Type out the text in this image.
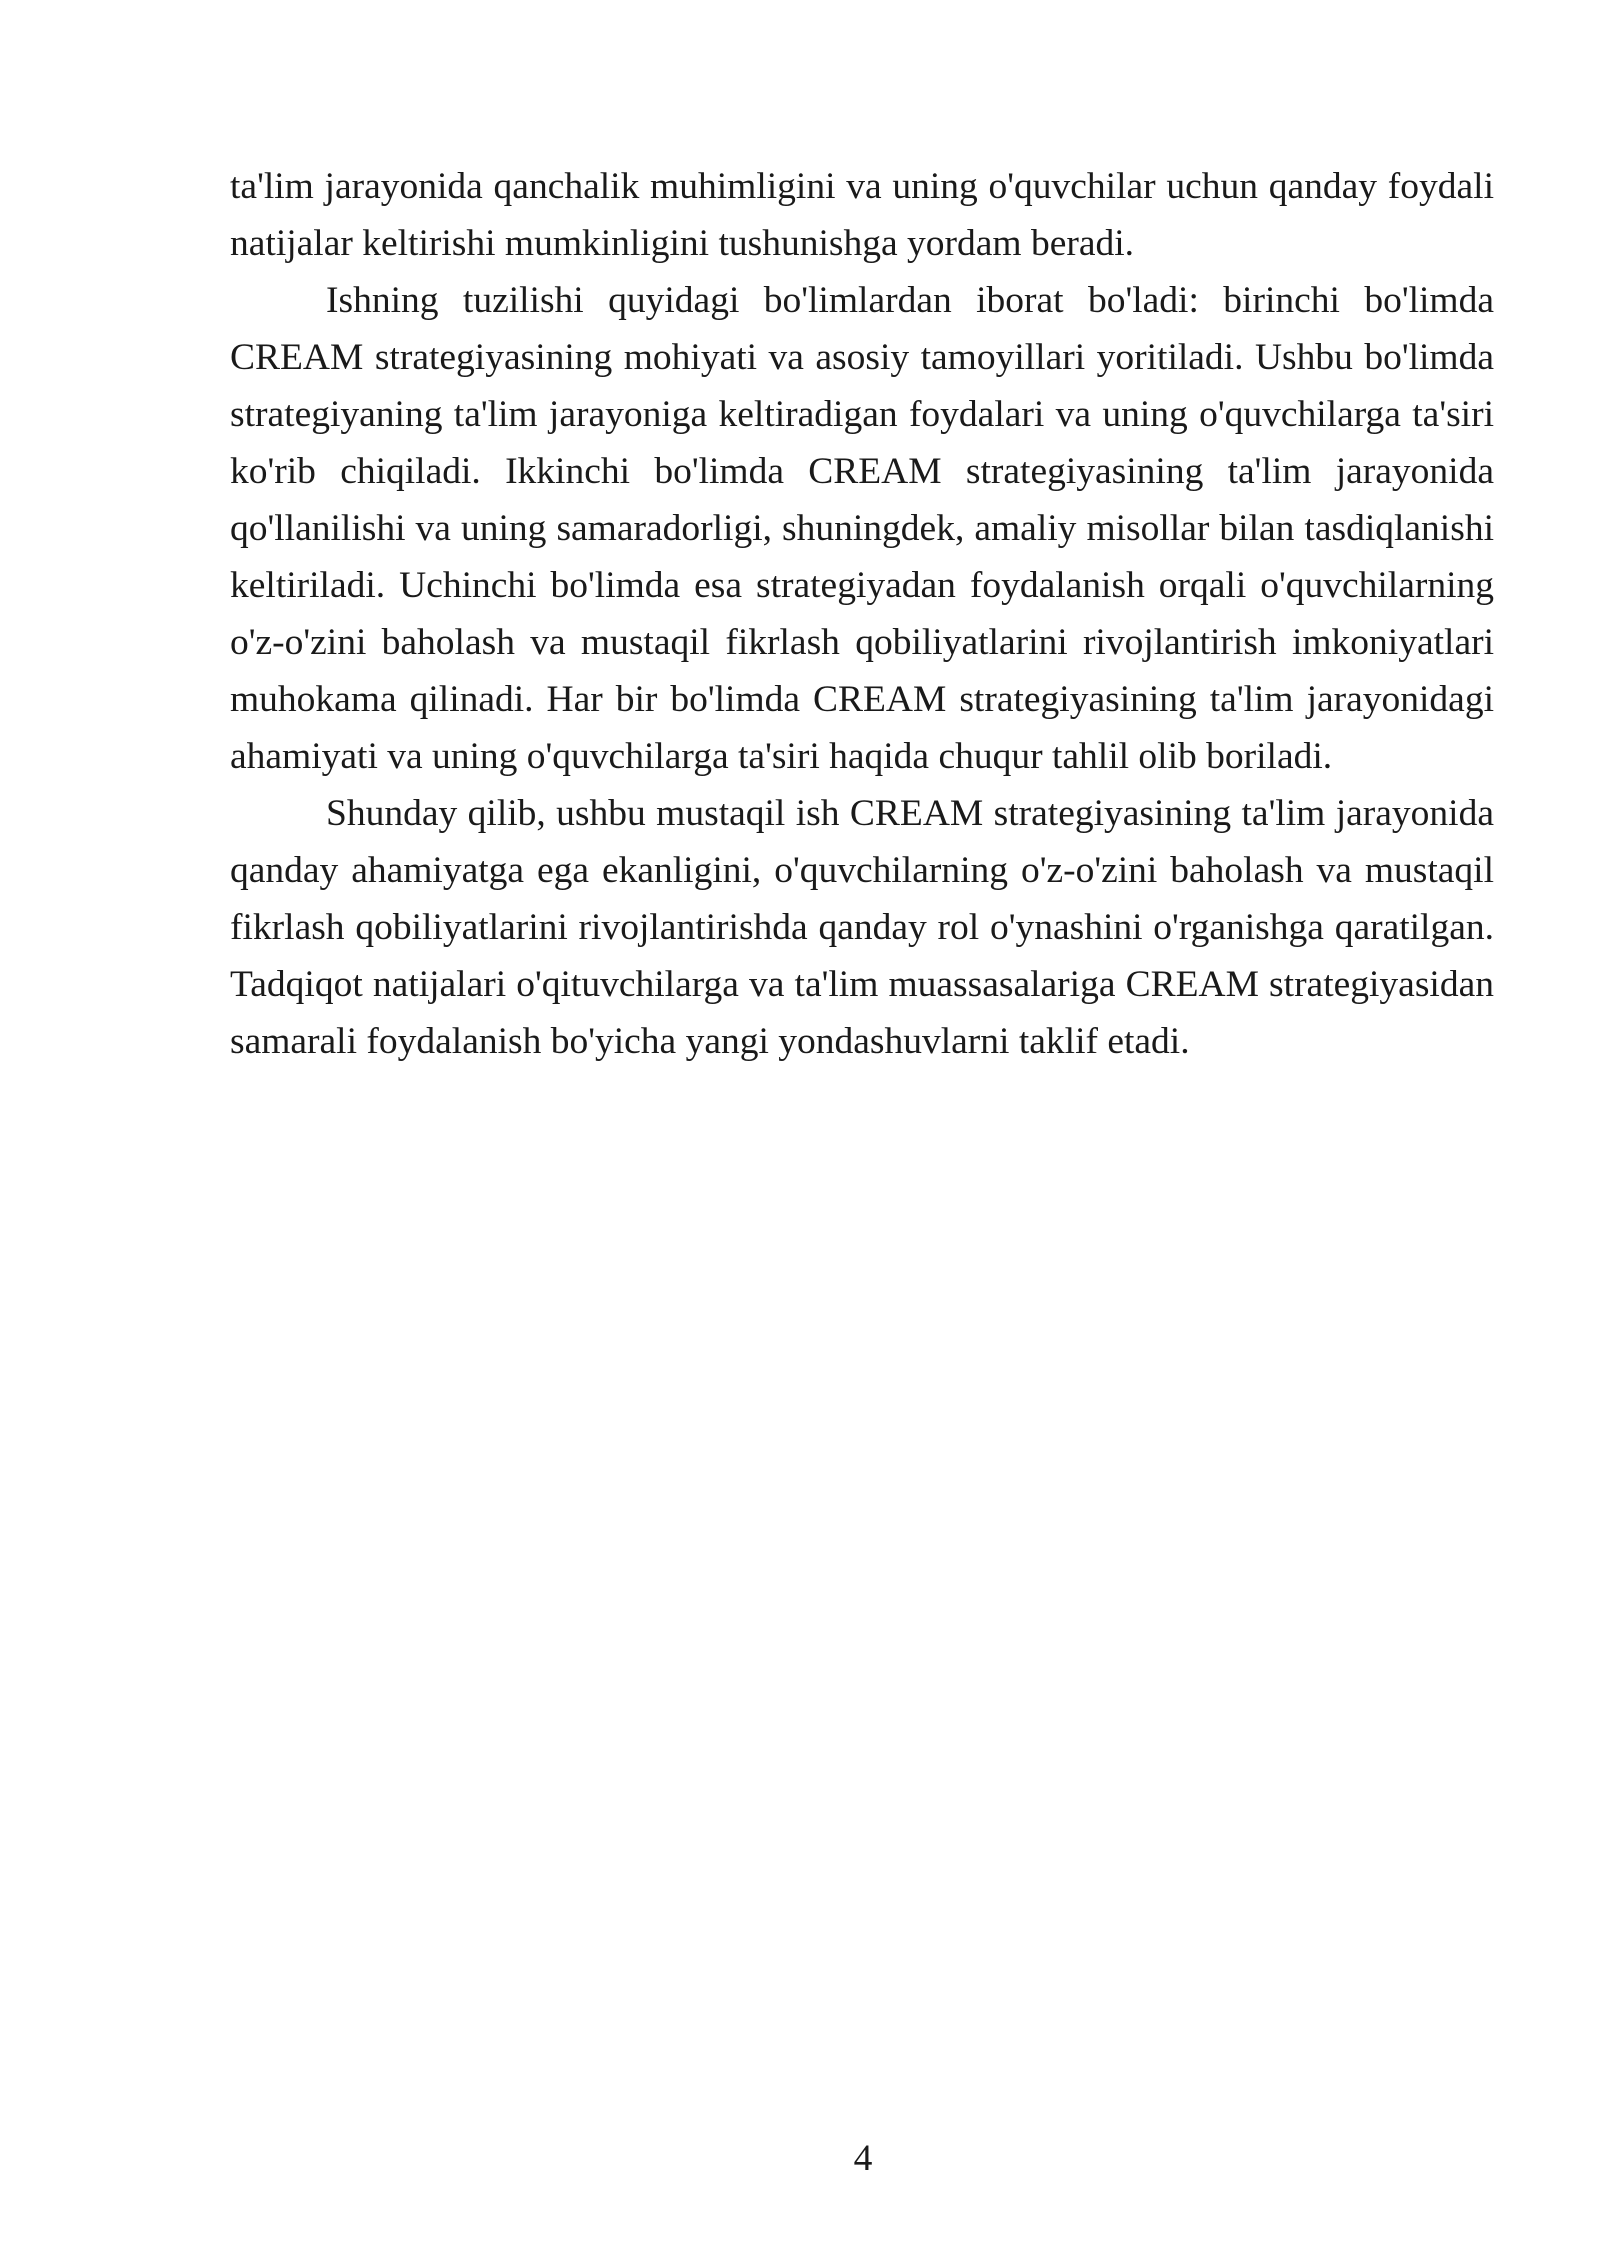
ta'lim jarayonida qanchalik muhimligini va uning o'quvchilar uchun qanday foydali natijalar keltirishi mumkinligini tushunishga yordam beradi.

Ishning tuzilishi quyidagi bo'limlardan iborat bo'ladi: birinchi bo'limda CREAM strategiyasining mohiyati va asosiy tamoyillari yoritiladi. Ushbu bo'limda strategiyaning ta'lim jarayoniga keltiradigan foydalari va uning o'quvchilarga ta'siri ko'rib chiqiladi. Ikkinchi bo'limda CREAM strategiyasining ta'lim jarayonida qo'llanilishi va uning samaradorligi, shuningdek, amaliy misollar bilan tasdiqlanishi keltiriladi. Uchinchi bo'limda esa strategiyadan foydalanish orqali o'quvchilarning o'z-o'zini baholash va mustaqil fikrlash qobiliyatlarini rivojlantirish imkoniyatlari muhokama qilinadi. Har bir bo'limda CREAM strategiyasining ta'lim jarayonidagi ahamiyati va uning o'quvchilarga ta'siri haqida chuqur tahlil olib boriladi.

Shunday qilib, ushbu mustaqil ish CREAM strategiyasining ta'lim jarayonida qanday ahamiyatga ega ekanligini, o'quvchilarning o'z-o'zini baholash va mustaqil fikrlash qobiliyatlarini rivojlantirishda qanday rol o'ynashini o'rganishga qaratilgan. Tadqiqot natijalari o'qituvchilarga va ta'lim muassasalariga CREAM strategiyasidan samarali foydalanish bo'yicha yangi yondashuvlarni taklif etadi.

4
